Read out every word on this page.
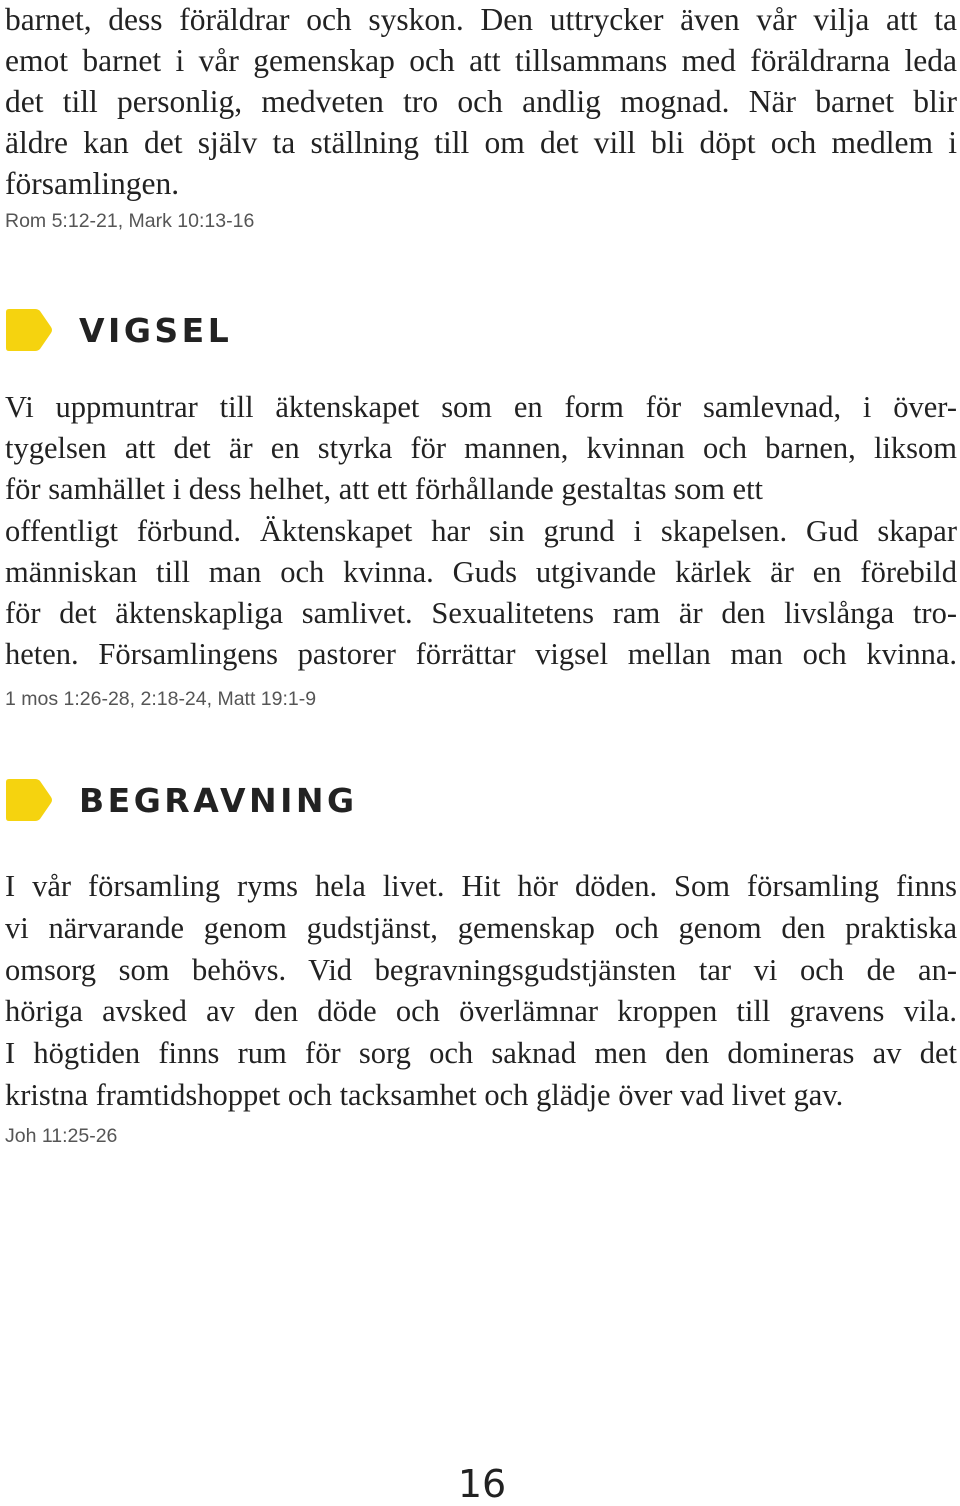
barnet, dess föräldrar och syskon. Den uttrycker även vår vilja att ta
emot barnet i vår gemenskap och att tillsammans med föräldrarna leda
det till personlig, medveten tro och andlig mognad. När barnet blir
äldre kan det själv ta ställning till om det vill bli döpt och medlem i
församlingen.

Rom 5:12-21, Mark 10:13-16

VIGSEL
Vi uppmuntrar till äktenskapet som en form för samlevnad, i över-
tygelsen att det är en styrka för mannen, kvinnan och barnen, liksom
för samhället i dess helhet, att ett förhållande gestaltas som ett
offentligt förbund. Äktenskapet har sin grund i skapelsen. Gud skapar
människan till man och kvinna. Guds utgivande kärlek är en förebild
för det äktenskapliga samlivet. Sexualitetens ram är den livslånga tro-
heten. Församlingens pastorer förrättar vigsel mellan man och kvinna.

1 mos 1:26-28, 2:18-24, Matt 19:1-9

BEGRAVNING
I vår församling ryms hela livet. Hit hör döden. Som församling finns
vi närvarande genom gudstjänst, gemenskap och genom den praktiska
omsorg som behövs. Vid begravningsgudstjänsten tar vi och de an-
höriga avsked av den döde och överlämnar kroppen till gravens vila.
I högtiden finns rum för sorg och saknad men den domineras av det
kristna framtidshoppet och tacksamhet och glädje över vad livet gav.

Joh 11:25-26

16
